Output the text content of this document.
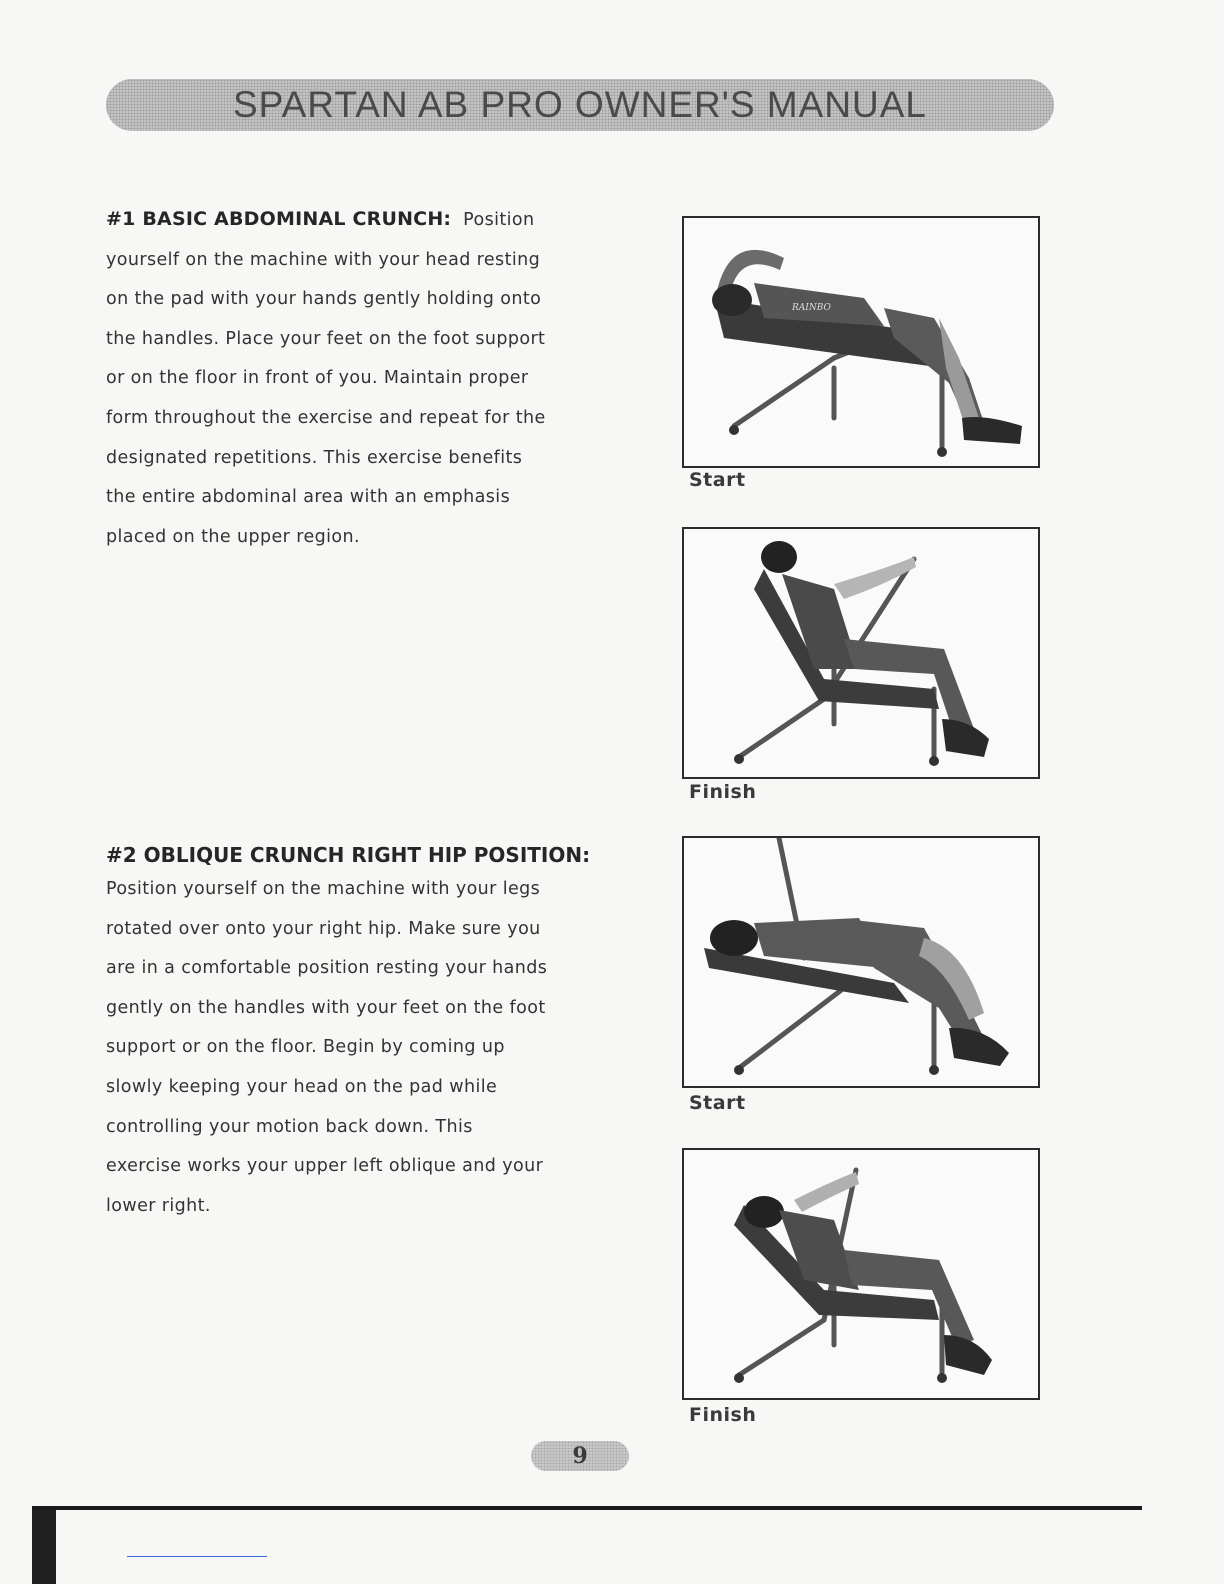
SPARTAN AB PRO OWNER'S MANUAL

#1 BASIC ABDOMINAL CRUNCH: Position

yourself on the machine with your head resting

on the pad with your hands gently holding onto

the handles. Place your feet on the foot support

or on the floor in front of you. Maintain proper

form throughout the exercise and repeat for the

designated repetitions. This exercise benefits

the entire abdominal area with an emphasis

placed on the upper region.

#2 OBLIQUE CRUNCH RIGHT HIP POSITION:

Position yourself on the machine with your legs

rotated over onto your right hip. Make sure you

are in a comfortable position resting your hands

gently on the handles with your feet on the foot

support or on the floor. Begin by coming up

slowly keeping your head on the pad while

controlling your motion back down. This

exercise works your upper left oblique and your

lower right.

RAINBO
Start
Finish
Start
Finish
9
